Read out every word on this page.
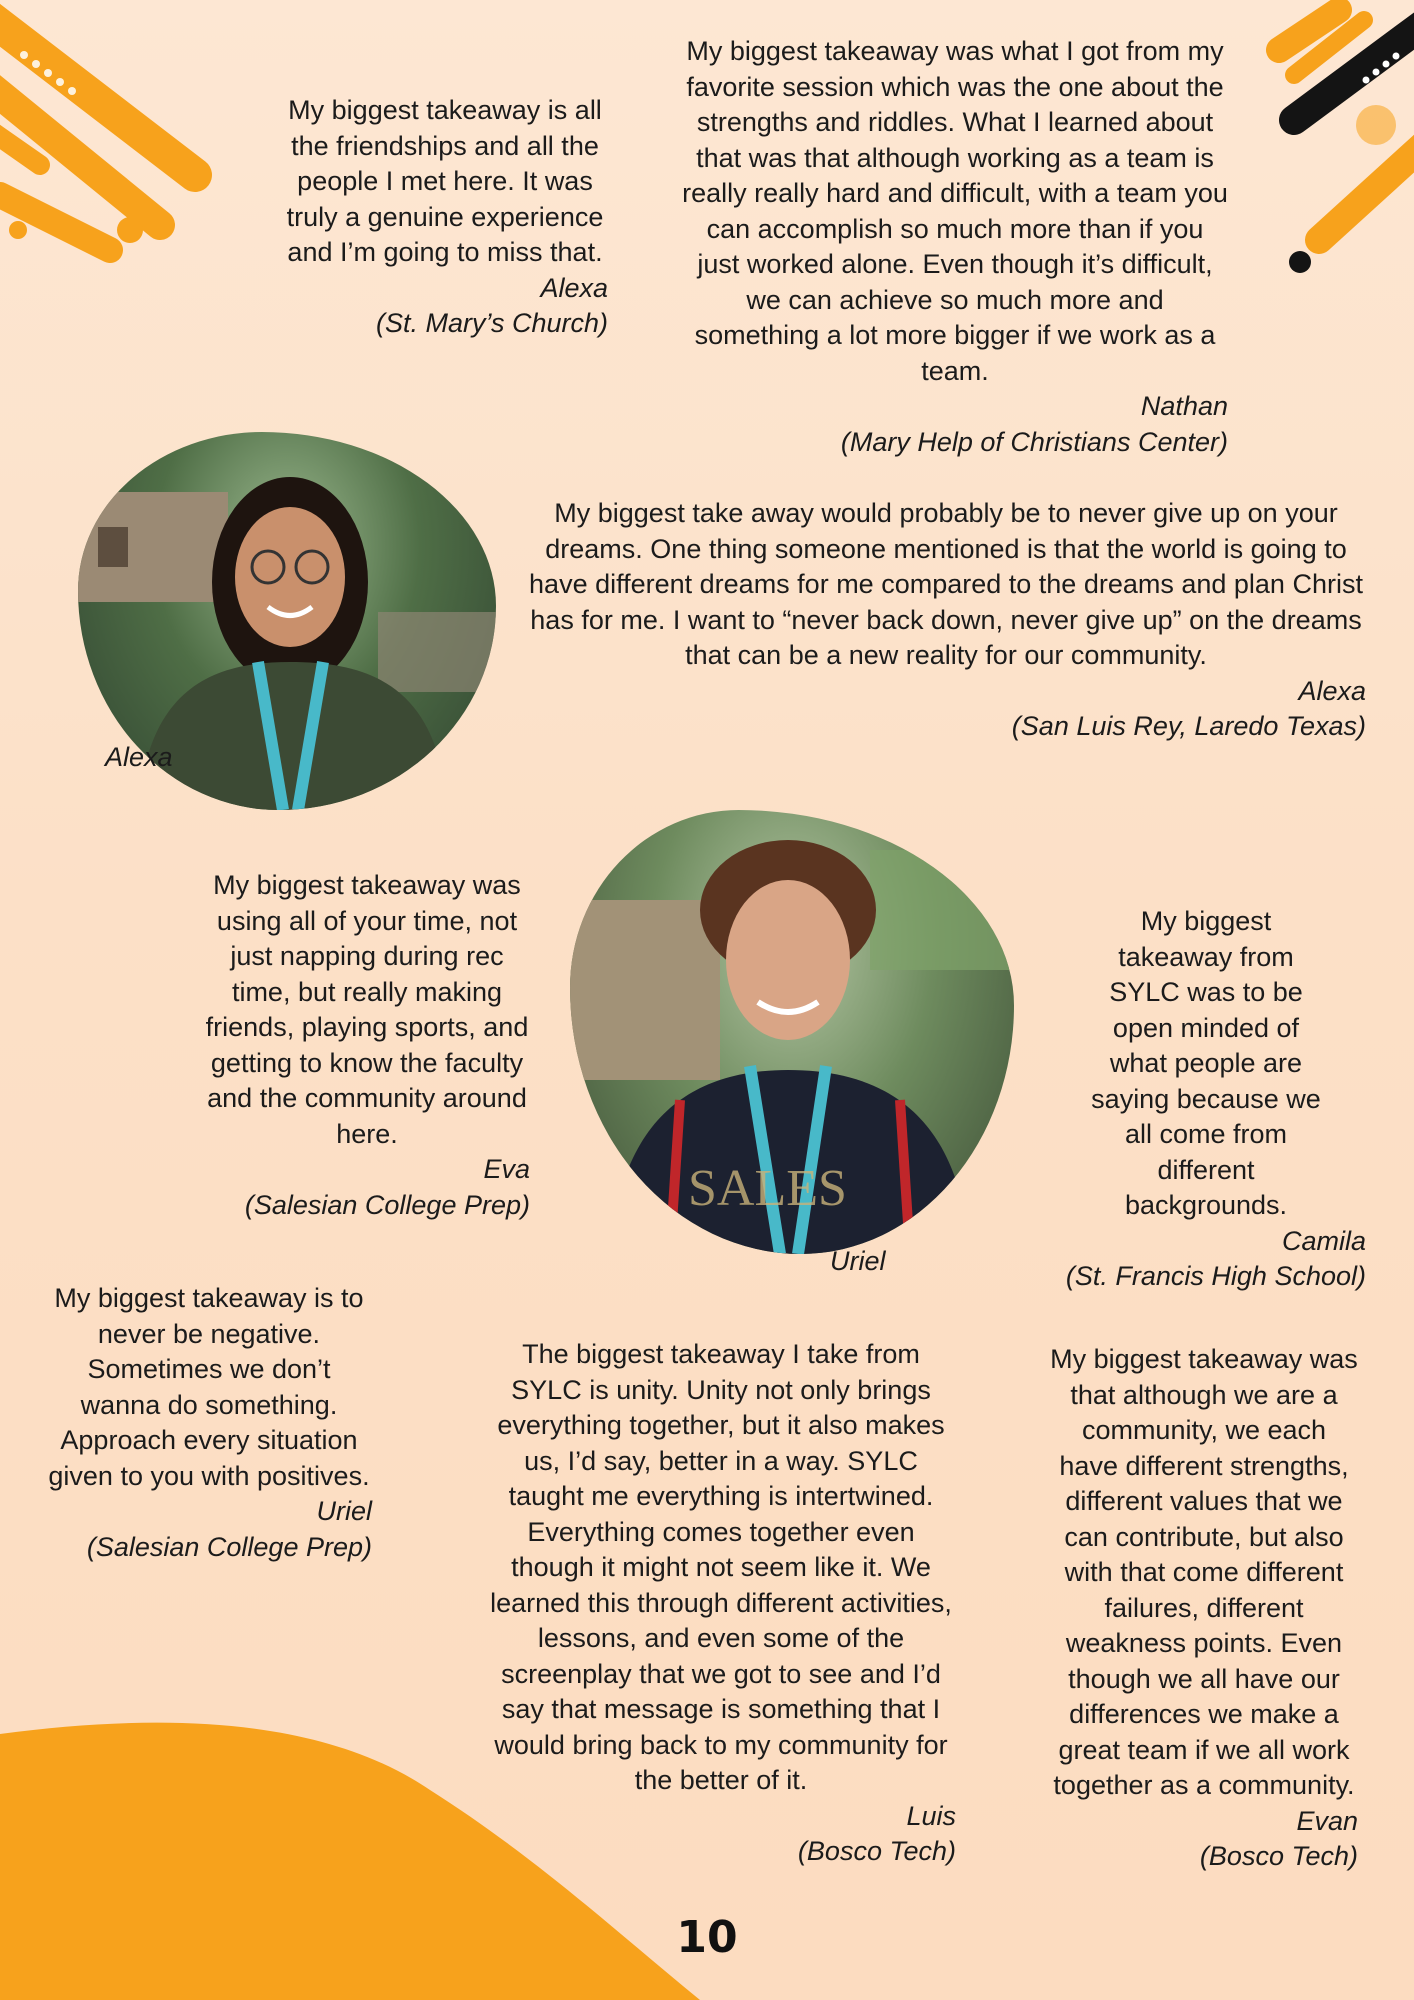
Alexa
SALES
Uriel
My biggest takeaway is all the friendships and all the people I met here. It was truly a genuine experience and I’m going to miss that.
Alexa
(St. Mary’s Church)
My biggest takeaway was what I got from my favorite session which was the one about the strengths and riddles. What I learned about that was that although working as a team is really really hard and difficult, with a team you can accomplish so much more than if you just worked alone. Even though it’s difficult, we can achieve so much more and something a lot more bigger if we work as a team.
Nathan
(Mary Help of Christians Center)
My biggest take away would probably be to never give up on your dreams. One thing someone mentioned is that the world is going to have different dreams for me compared to the dreams and plan Christ has for me. I want to “never back down, never give up” on the dreams that can be a new reality for our community.
Alexa
(San Luis Rey, Laredo Texas)
My biggest takeaway was using all of your time, not just napping during rec time, but really making friends, playing sports, and getting to know the faculty and the community around here.
Eva
(Salesian College Prep)
My biggest takeaway from SYLC was to be open minded of what people are saying because we all come from different backgrounds.
Camila
(St. Francis High School)
My biggest takeaway is to never be negative. Sometimes we don’t wanna do something. Approach every situation given to you with positives.
Uriel
(Salesian College Prep)
The biggest takeaway I take from SYLC is unity. Unity not only brings everything together, but it also makes us, I’d say, better in a way. SYLC taught me everything is intertwined. Everything comes together even though it might not seem like it. We learned this through different activities, lessons, and even some of the screenplay that we got to see and I’d say that message is something that I would bring back to my community for the better of it.
Luis
(Bosco Tech)
My biggest takeaway was that although we are a community, we each have different strengths, different values that we can contribute, but also with that come different failures, different weakness points. Even though we all have our differences we make a great team if we all work together as a community.
Evan
(Bosco Tech)
10
